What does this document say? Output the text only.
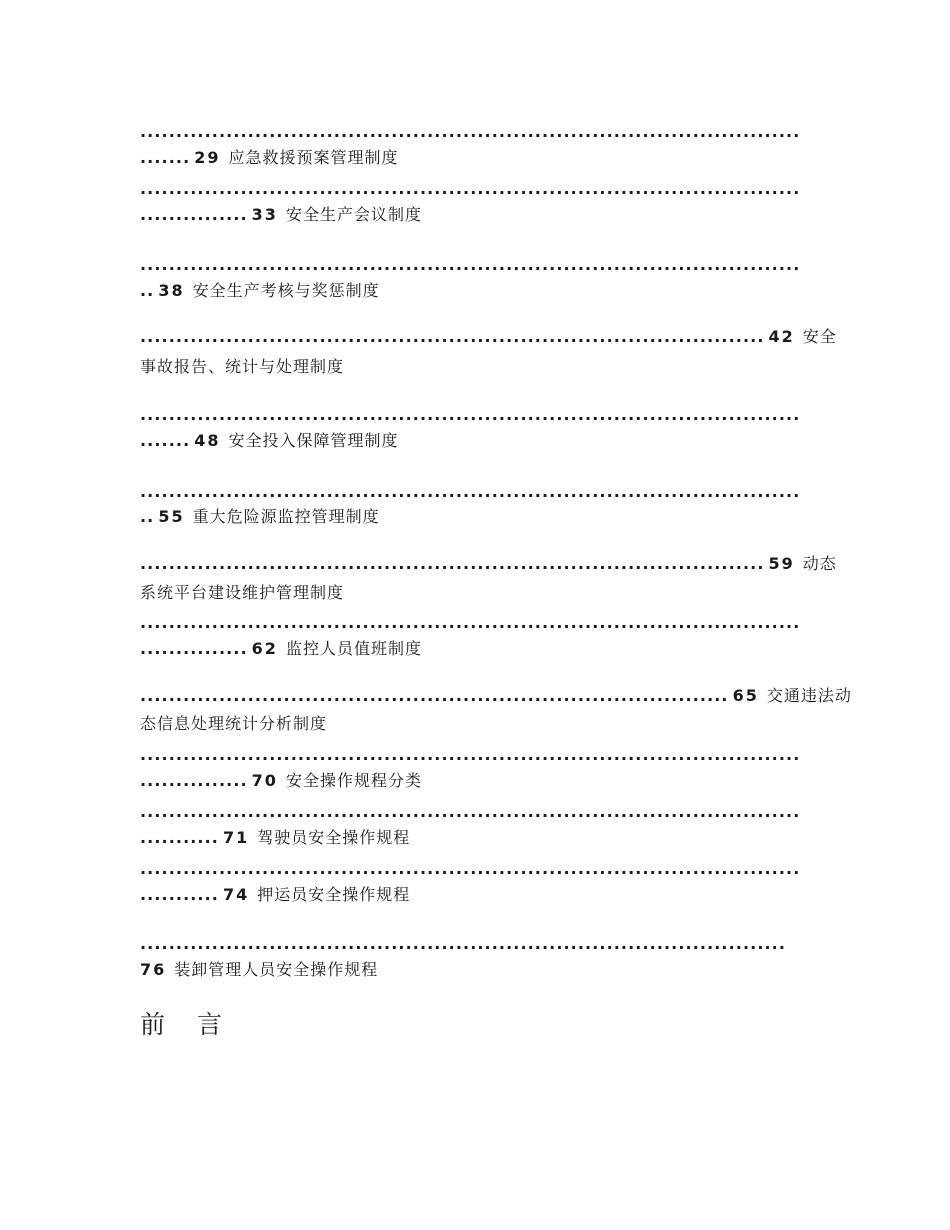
............................................................................................
....... 29 应急救援预案管理制度
............................................................................................
............... 33 安全生产会议制度
............................................................................................
.. 38 安全生产考核与奖惩制度
....................................................................................... 42 安全
事故报告、统计与处理制度
............................................................................................
....... 48 安全投入保障管理制度
............................................................................................
.. 55 重大危险源监控管理制度
....................................................................................... 59 动态
系统平台建设维护管理制度
............................................................................................
............... 62 监控人员值班制度
.................................................................................. 65 交通违法动
态信息处理统计分析制度
............................................................................................
............... 70 安全操作规程分类
............................................................................................
........... 71 驾驶员安全操作规程
............................................................................................
........... 74 押运员安全操作规程
..........................................................................................
76 装卸管理人员安全操作规程
前 言
